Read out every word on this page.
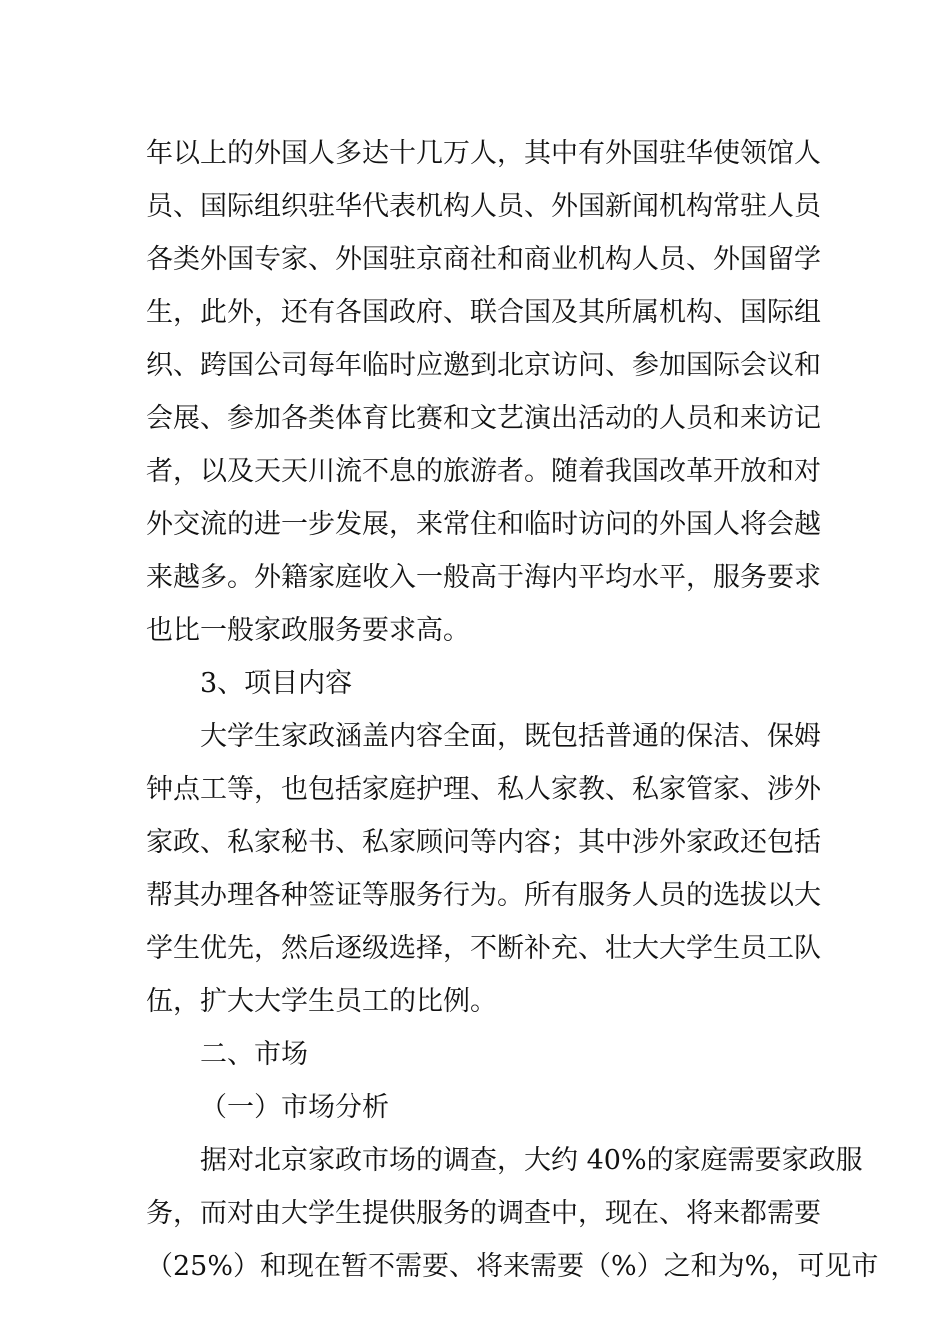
年以上的外国人多达十几万人，其中有外国驻华使领馆人
员、国际组织驻华代表机构人员、外国新闻机构常驻人员
各类外国专家、外国驻京商社和商业机构人员、外国留学
生，此外，还有各国政府、联合国及其所属机构、国际组
织、跨国公司每年临时应邀到北京访问、参加国际会议和
会展、参加各类体育比赛和文艺演出活动的人员和来访记
者，以及天天川流不息的旅游者。随着我国改革开放和对
外交流的进一步发展，来常住和临时访问的外国人将会越
来越多。外籍家庭收入一般高于海内平均水平，服务要求
也比一般家政服务要求高。
3、项目内容
大学生家政涵盖内容全面，既包括普通的保洁、保姆
钟点工等，也包括家庭护理、私人家教、私家管家、涉外
家政、私家秘书、私家顾问等内容；其中涉外家政还包括
帮其办理各种签证等服务行为。所有服务人员的选拔以大
学生优先，然后逐级选择，不断补充、壮大大学生员工队
伍，扩大大学生员工的比例。
二、市场
（一）市场分析
据对北京家政市场的调查，大约 40%的家庭需要家政服
务，而对由大学生提供服务的调查中，现在、将来都需要
（25%）和现在暂不需要、将来需要（%）之和为%，可见市
